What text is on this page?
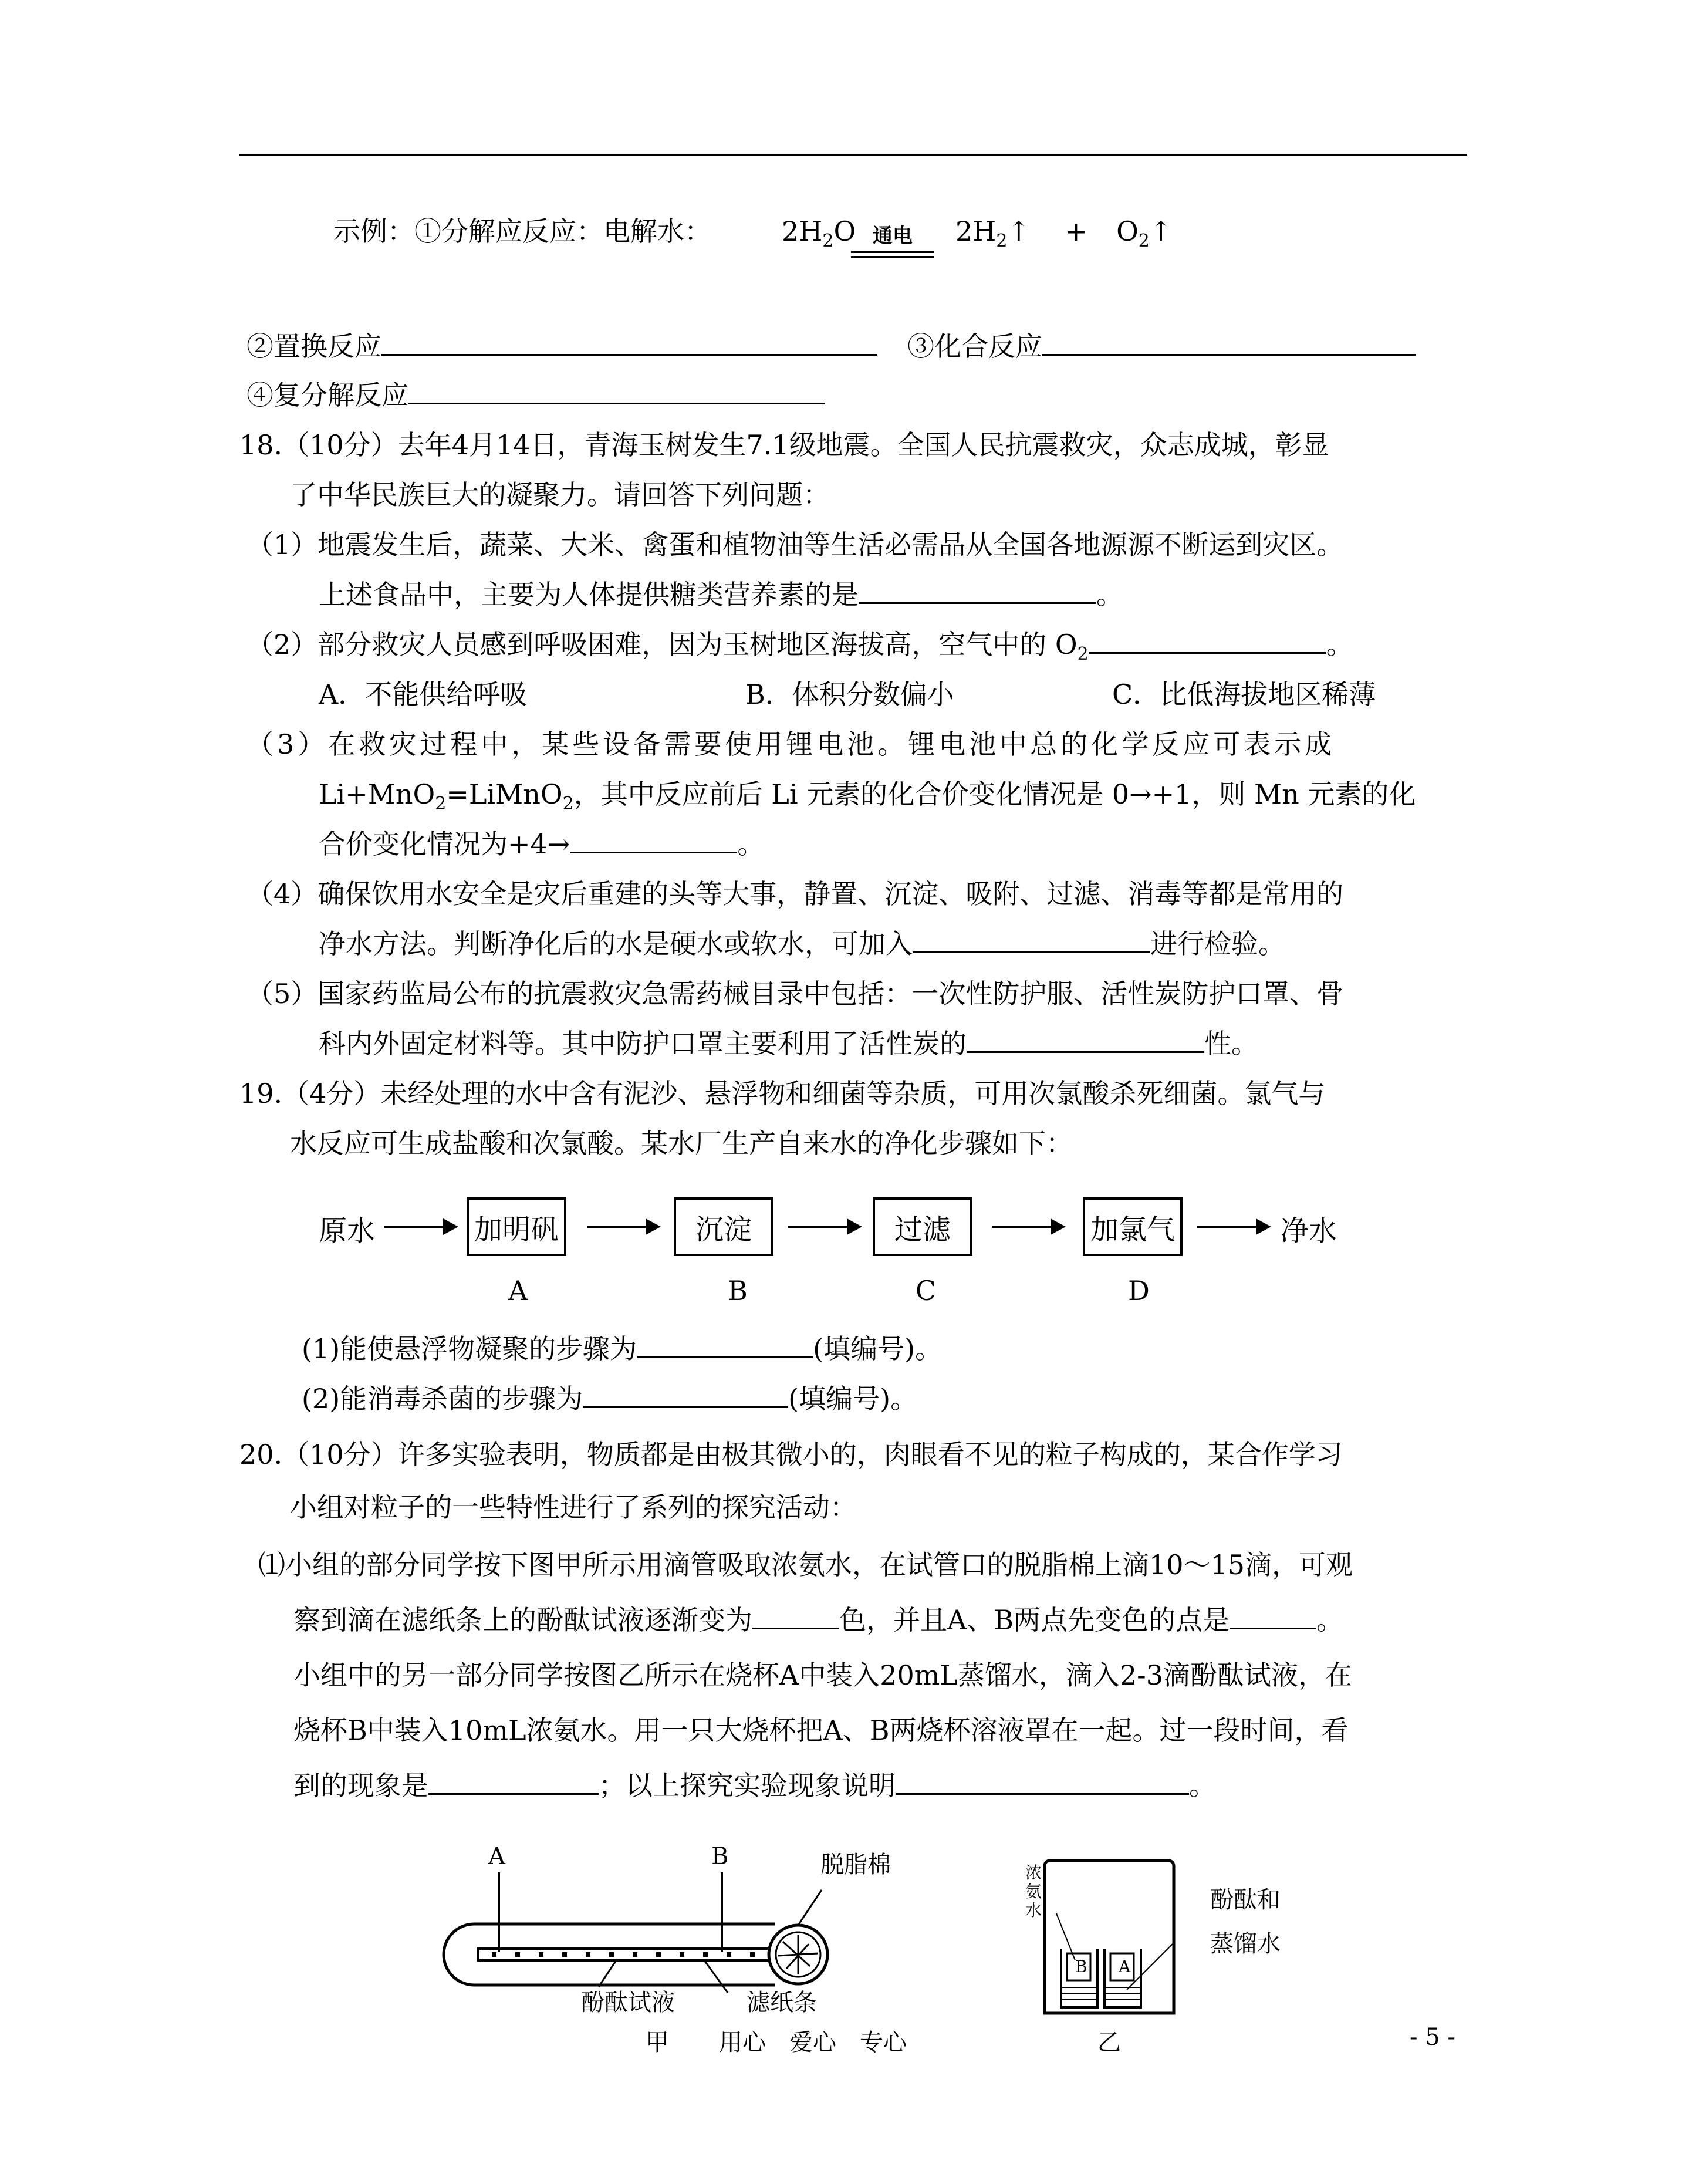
示例：①分解应反应：电解水：	$2H_2O$ 通电	$2H_2↑$ + $O_2↑$
②置换反应	③化合反应
④复分解反应
18.（10分）去年4月14日，青海玉树发生7.1级地震。全国人民抗震救灾，众志成城，彰显
了中华民族巨大的凝聚力。请回答下列问题：
（1）地震发生后，蔬菜、大米、禽蛋和植物油等生活必需品从全国各地源源不断运到灾区。
上述食品中，主要为人体提供糖类营养素的是	。
（2）部分救灾人员感到呼吸困难，因为玉树地区海拔高，空气中的 $O_2$	。
A．不能供给呼吸	B．体积分数偏小	C．比低海拔地区稀薄
（3）在救灾过程中，某些设备需要使用锂电池。锂电池中总的化学反应可表示成
Li+MnO$_2$=LiMnO$_2$，其中反应前后 Li 元素的化合价变化情况是 0→+1，则 Mn 元素的化
合价变化情况为+4→	。
（4）确保饮用水安全是灾后重建的头等大事，静置、沉淀、吸附、过滤、消毒等都是常用的
净水方法。判断净化后的水是硬水或软水，可加入	进行检验。
（5）国家药监局公布的抗震救灾急需药械目录中包括：一次性防护服、活性炭防护口罩、骨
科内外固定材料等。其中防护口罩主要利用了活性炭的	性。
19.（4分）未经处理的水中含有泥沙、悬浮物和细菌等杂质，可用次氯酸杀死细菌。氯气与
水反应可生成盐酸和次氯酸。某水厂生产自来水的净化步骤如下：
原水	加明矾	沉淀	过滤	加氯气	净水
A	B	C	D
(1)能使悬浮物凝聚的步骤为	(填编号)。
(2)能消毒杀菌的步骤为	(填编号)。
20.（10分）许多实验表明，物质都是由极其微小的，肉眼看不见的粒子构成的，某合作学习
小组对粒子的一些特性进行了系列的探究活动：
⑴小组的部分同学按下图甲所示用滴管吸取浓氨水，在试管口的脱脂棉上滴10～15滴，可观
察到滴在滤纸条上的酚酞试液逐渐变为	色，并且A、B两点先变色的点是	。
小组中的另一部分同学按图乙所示在烧杯A中装入20mL蒸馏水，滴入2-3滴酚酞试液，在
烧杯B中装入10mL浓氨水。用一只大烧杯把A、B两烧杯溶液罩在一起。过一段时间，看
到的现象是	；以上探究实验现象说明	。
A	B	脱脂棉
酚酞试液	滤纸条
甲
浓氨水
B A
酚酞和
蒸馏水
乙
用心　爱心　专心	- 5 -
